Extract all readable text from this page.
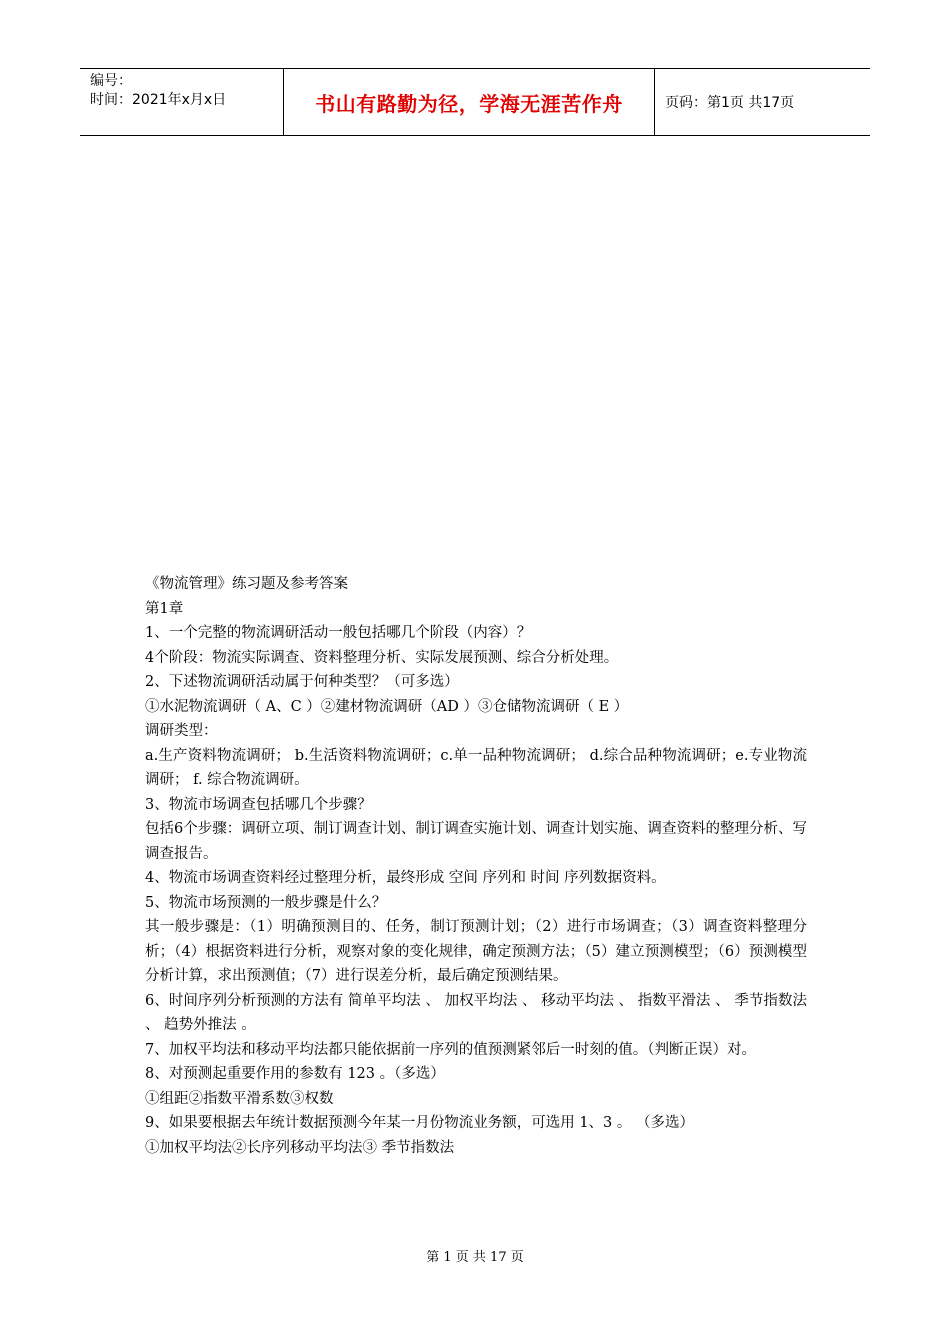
编号：
时间：2021年x月x日	书山有路勤为径，学海无涯苦作舟	页码：第1页 共17页

《物流管理》练习题及参考答案

第1章

1、一个完整的物流调研活动一般包括哪几个阶段（内容）？

4个阶段：物流实际调查、资料整理分析、实际发展预测、综合分析处理。

2、下述物流调研活动属于何种类型？（可多选）

①水泥物流调研（ A、C ）②建材物流调研（AD ）③仓储物流调研（ E ）

调研类型：

a.生产资料物流调研； b.生活资料物流调研；c.单一品种物流调研； d.综合品种物流调研；e.专业物流调研； f. 综合物流调研。

3、物流市场调查包括哪几个步骤？

包括6个步骤：调研立项、制订调查计划、制订调查实施计划、调查计划实施、调查资料的整理分析、写调查报告。

4、物流市场调查资料经过整理分析，最终形成 空间 序列和 时间 序列数据资料。

5、物流市场预测的一般步骤是什么？

其一般步骤是：（1）明确预测目的、任务，制订预测计划；（2）进行市场调查；（3）调查资料整理分析；（4）根据资料进行分析，观察对象的变化规律，确定预测方法；（5）建立预测模型；（6）预测模型分析计算，求出预测值；（7）进行误差分析，最后确定预测结果。

6、时间序列分析预测的方法有 简单平均法 、 加权平均法 、 移动平均法 、 指数平滑法 、 季节指数法 、 趋势外推法 。

7、加权平均法和移动平均法都只能依据前一序列的值预测紧邻后一时刻的值。（判断正误）对。

8、对预测起重要作用的参数有 123 。（多选）

①组距②指数平滑系数③权数

9、如果要根据去年统计数据预测今年某一月份物流业务额，可选用 1、3 。 （多选）

①加权平均法②长序列移动平均法③ 季节指数法

第 1 页 共 17 页
